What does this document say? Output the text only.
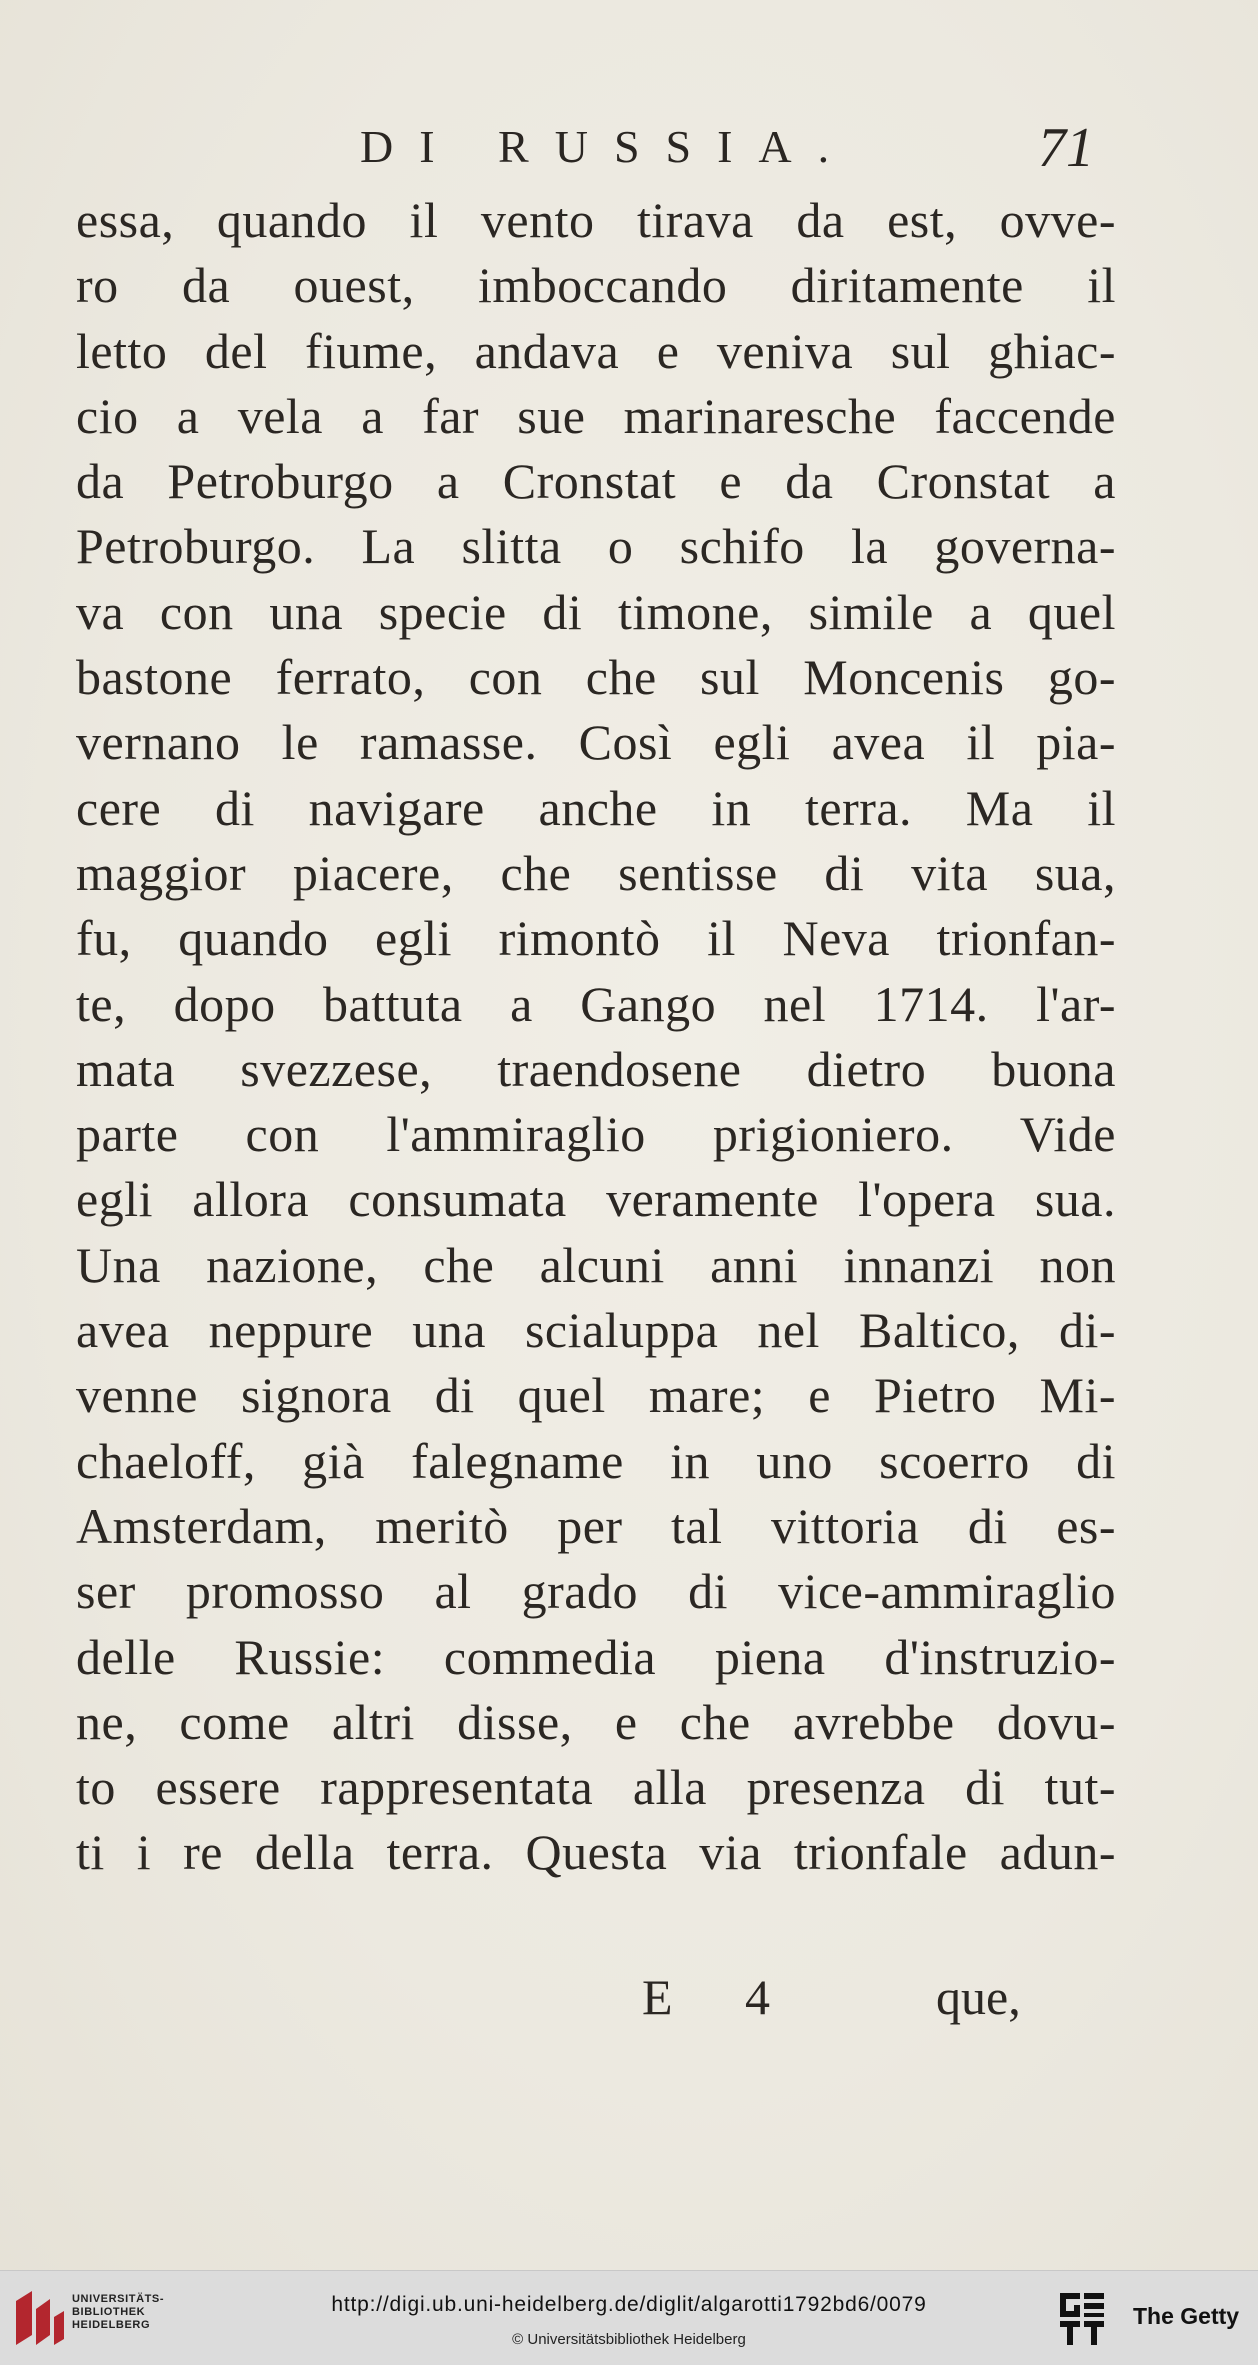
DI RUSSIA.	71
essa, quando il vento tirava da est, ovve-
ro da ouest, imboccando diritamente il
letto del fiume, andava e veniva sul ghiac-
cio a vela a far sue marinaresche faccende
da Petroburgo a Cronstat e da Cronstat a
Petroburgo. La slitta o schifo la governa-
va con una specie di timone, simile a quel
bastone ferrato, con che sul Moncenis go-
vernano le ramasse. Così egli avea il pia-
cere di navigare anche in terra. Ma il
maggior piacere, che sentisse di vita sua,
fu, quando egli rimontò il Neva trionfan-
te, dopo battuta a Gango nel 1714. l'ar-
mata svezzese, traendosene dietro buona
parte con l'ammiraglio prigioniero. Vide
egli allora consumata veramente l'opera sua.
Una nazione, che alcuni anni innanzi non
avea neppure una scialuppa nel Baltico, di-
venne signora di quel mare; e Pietro Mi-
chaeloff, già falegname in uno scoerro di
Amsterdam, meritò per tal vittoria di es-
ser promosso al grado di vice-ammiraglio
delle Russie: commedia piena d'instruzio-
ne, come altri disse, e che avrebbe dovu-
to essere rappresentata alla presenza di tut-
ti i re della terra. Questa via trionfale adun-
E 4	que,
UNIVERSITÄTS-
BIBLIOTHEK
HEIDELBERG
http://digi.ub.uni-heidelberg.de/diglit/algarotti1792bd6/0079
© Universitätsbibliothek Heidelberg
The Getty
